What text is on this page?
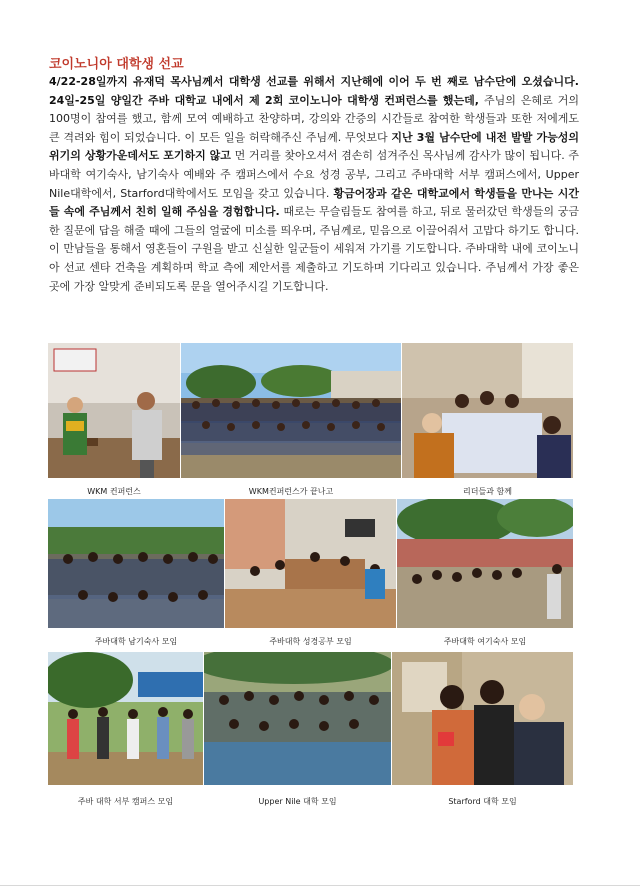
코이노니아 대학생 선교
4/22-28일까지 유재덕 목사님께서 대학생 선교를 위해서 지난해에 이어 두 번 째로 남수단에 오셨습니다. 24일-25일 양일간 주바 대학교 내에서 제 2회 코이노니아 대학생 컨퍼런스를 했는데, 주님의 은혜로 거의 100명이 참여를 했고, 함께 모여 예배하고 찬양하며, 강의와 간증의 시간들로 참여한 학생들과 또한 저에게도 큰 격려와 힘이 되었습니다. 이 모든 일을 허락해주신 주님께. 무엇보다 지난 3월 남수단에 내전 발발 가능성의 위기의 상황가운데서도 포기하지 않고 먼 거리를 찾아오셔서 겸손히 섬겨주신 목사님께 감사가 많이 됩니다. 주바대학 여기숙사, 남기숙사 예배와 주 캠퍼스에서 수요 성경 공부, 그리고 주바대학 서부 캠퍼스에서, Upper Nile대학에서, Starford대학에서도 모임을 갖고 있습니다. 황금어장과 같은 대학교에서 학생들을 만나는 시간들 속에 주님께서 친히 일해 주심을 경험합니다. 때로는 무슬림들도 참여를 하고, 뒤로 물러갔던 학생들의 궁금한 질문에 답을 해줄 때에 그들의 얼굴에 미소를 띄우며, 주님께로, 믿음으로 이끌어줘서 고맙다 하기도 합니다. 이 만남들을 통해서 영혼들이 구원을 받고 신실한 일군들이 세워져 가기를 기도합니다. 주바대학 내에 코이노니아 선교 센타 건축을 계획하며 학교 측에 제안서를 제출하고 기도하며 기다리고 있습니다. 주님께서 가장 좋은 곳에 가장 알맞게 준비되도록 문을 열어주시길 기도합니다.
WKM 컨퍼런스	WKM컨퍼런스가 끝나고	리더들과 함께
주바대학 남기숙사 모임	주바대학 성경공부 모임	주바대학 여기숙사 모임
주바 대학 서부 캠퍼스 모임	Upper Nile 대학 모임	Starford 대학 모임
